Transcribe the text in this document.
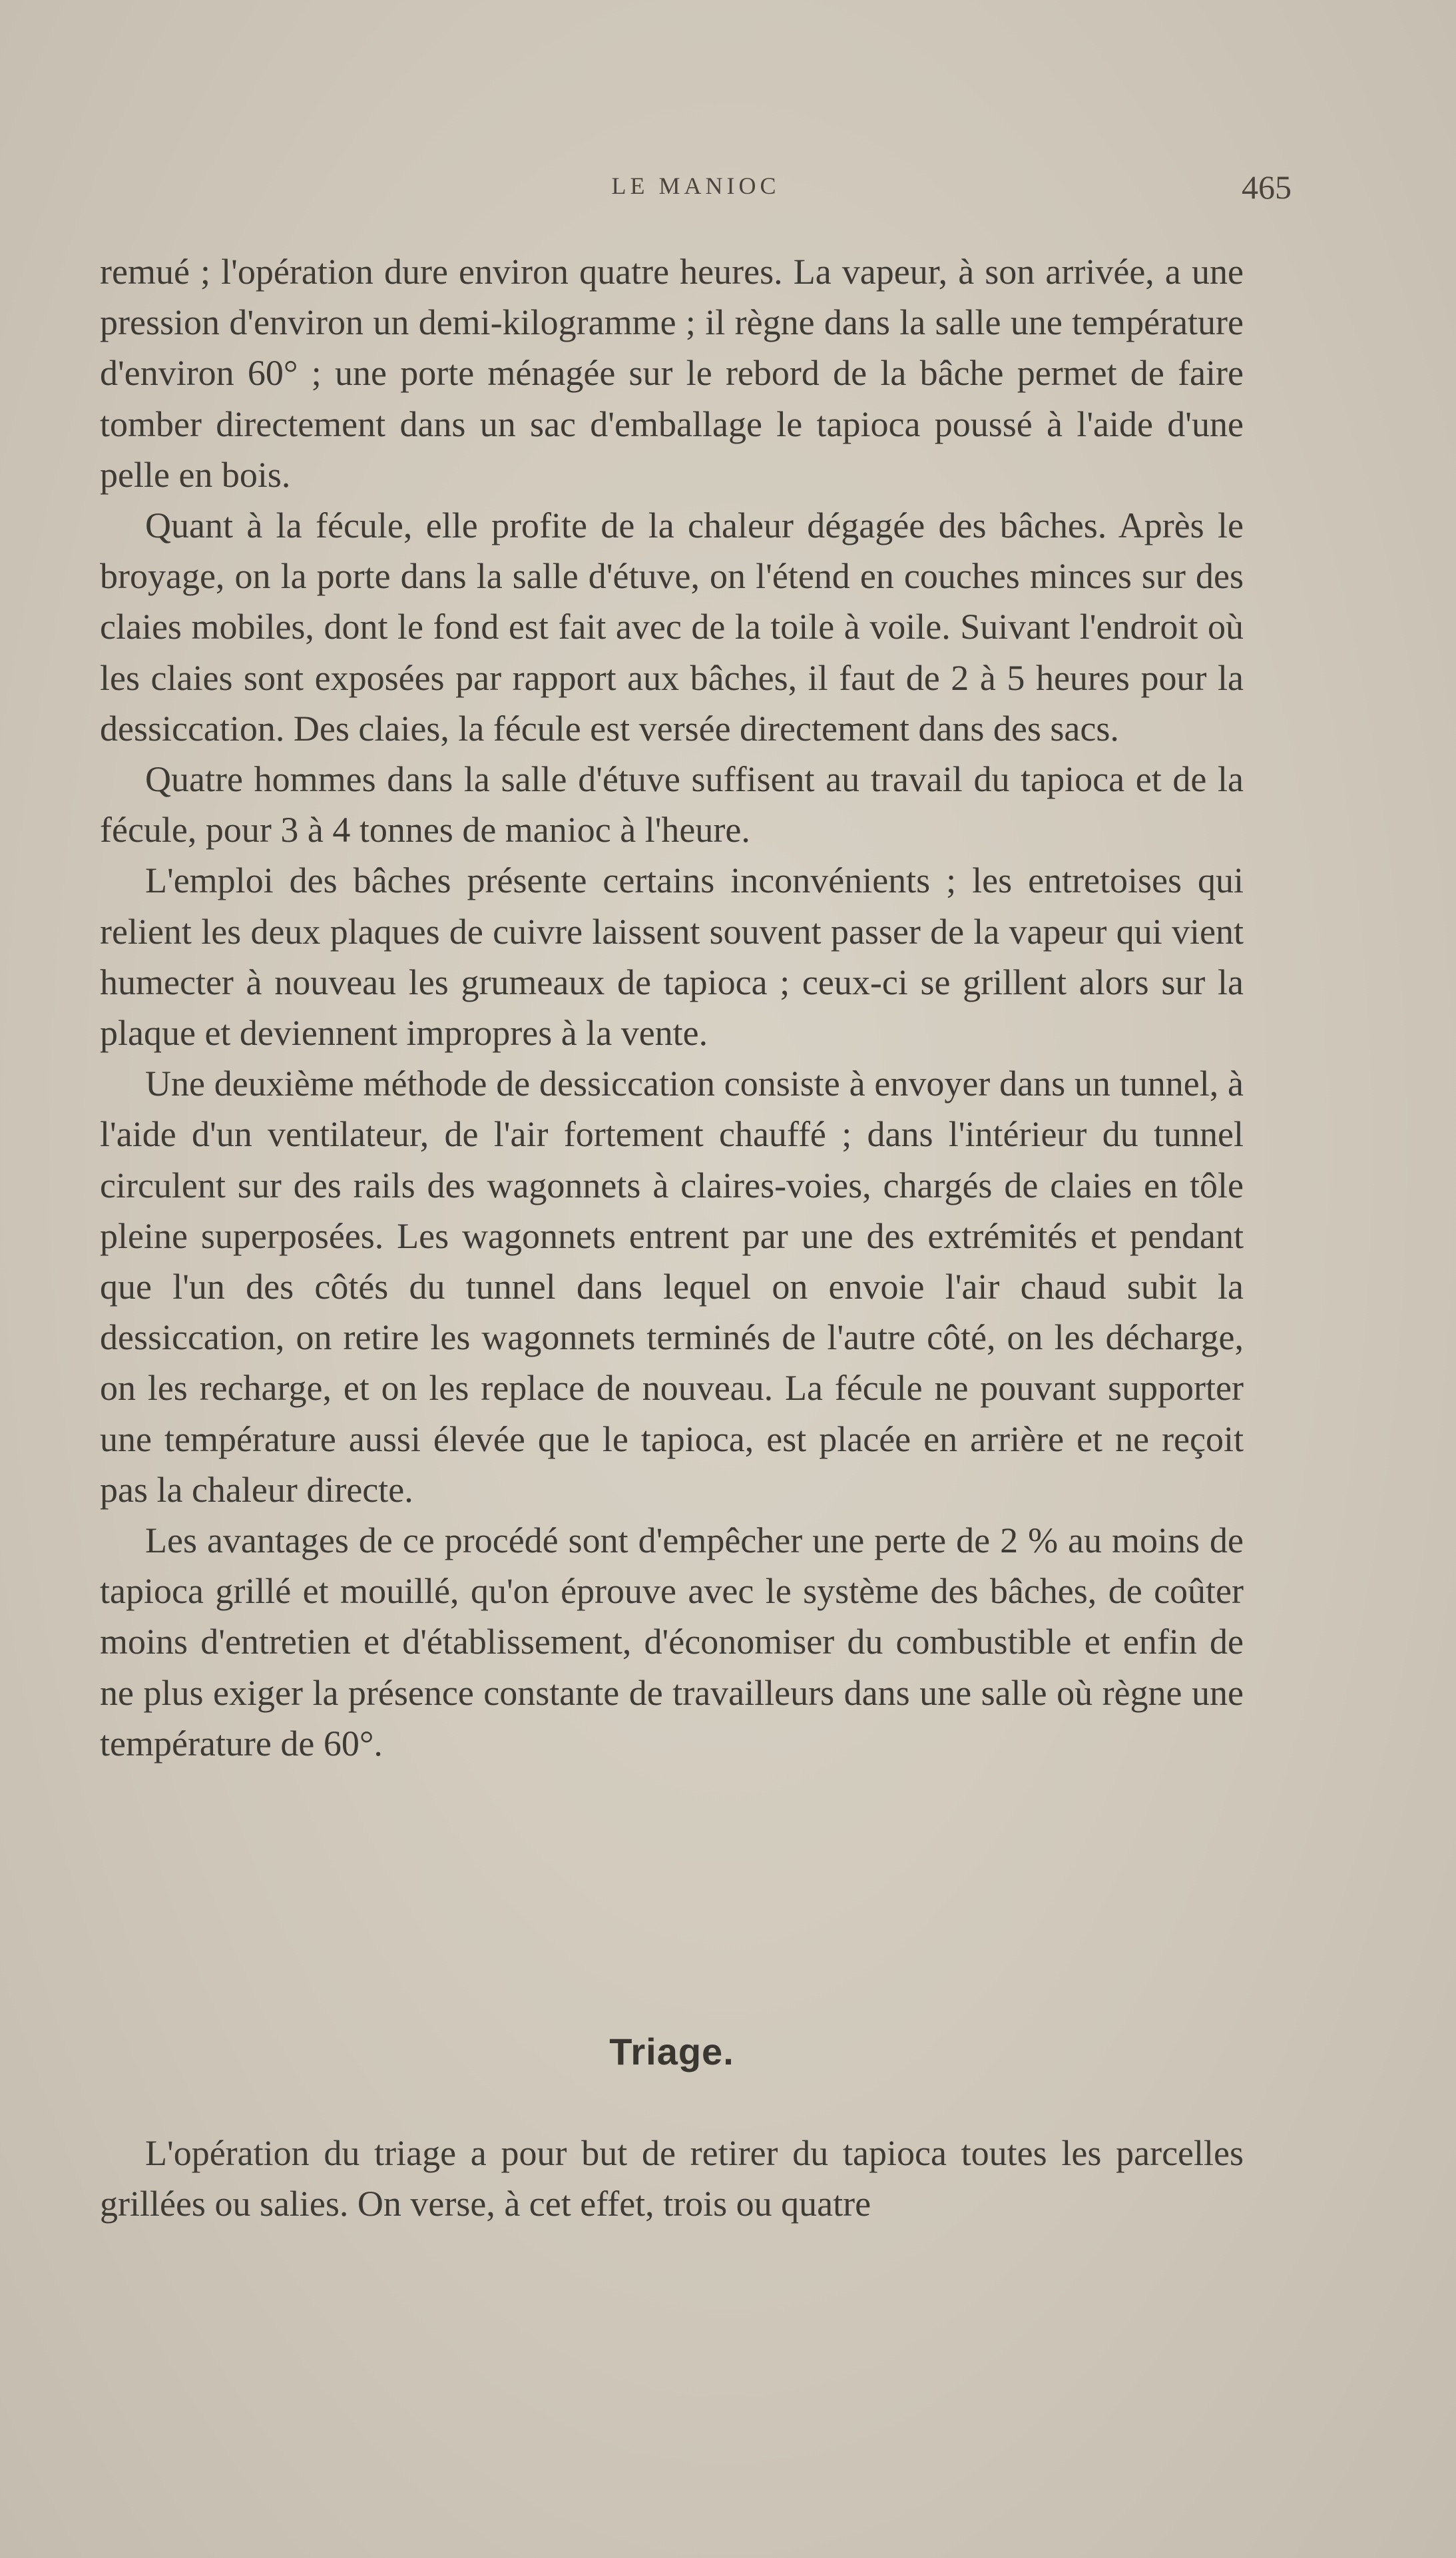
LE MANIOC	465

remué ; l'opération dure environ quatre heures. La vapeur, à son arrivée, a une pression d'environ un demi-kilogramme ; il règne dans la salle une température d'environ 60° ; une porte ménagée sur le rebord de la bâche permet de faire tomber directement dans un sac d'emballage le tapioca poussé à l'aide d'une pelle en bois.

Quant à la fécule, elle profite de la chaleur dégagée des bâches. Après le broyage, on la porte dans la salle d'étuve, on l'étend en couches minces sur des claies mobiles, dont le fond est fait avec de la toile à voile. Suivant l'endroit où les claies sont exposées par rapport aux bâches, il faut de 2 à 5 heures pour la dessiccation. Des claies, la fécule est versée directement dans des sacs.

Quatre hommes dans la salle d'étuve suffisent au travail du tapioca et de la fécule, pour 3 à 4 tonnes de manioc à l'heure.

L'emploi des bâches présente certains inconvénients ; les entretoises qui relient les deux plaques de cuivre laissent souvent passer de la vapeur qui vient humecter à nouveau les grumeaux de tapioca ; ceux-ci se grillent alors sur la plaque et deviennent impropres à la vente.

Une deuxième méthode de dessiccation consiste à envoyer dans un tunnel, à l'aide d'un ventilateur, de l'air fortement chauffé ; dans l'intérieur du tunnel circulent sur des rails des wagonnets à claires-voies, chargés de claies en tôle pleine superposées. Les wagonnets entrent par une des extrémités et pendant que l'un des côtés du tunnel dans lequel on envoie l'air chaud subit la dessiccation, on retire les wagonnets terminés de l'autre côté, on les décharge, on les recharge, et on les replace de nouveau. La fécule ne pouvant supporter une température aussi élevée que le tapioca, est placée en arrière et ne reçoit pas la chaleur directe.

Les avantages de ce procédé sont d'empêcher une perte de 2 % au moins de tapioca grillé et mouillé, qu'on éprouve avec le système des bâches, de coûter moins d'entretien et d'établissement, d'économiser du combustible et enfin de ne plus exiger la présence constante de travailleurs dans une salle où règne une température de 60°.

Triage.

L'opération du triage a pour but de retirer du tapioca toutes les parcelles grillées ou salies. On verse, à cet effet, trois ou quatre
